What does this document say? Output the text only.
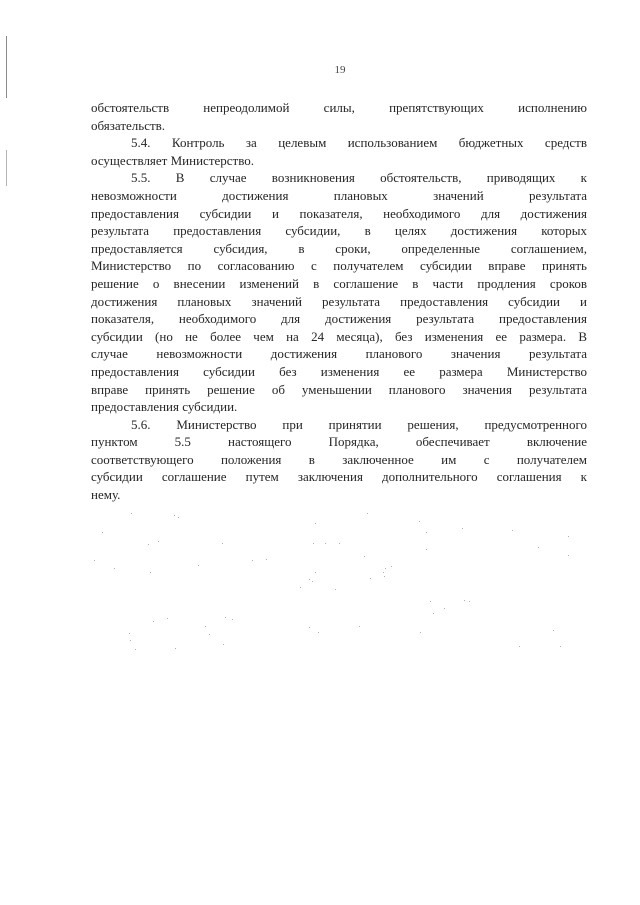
19
обстоятельств непреодолимой силы, препятствующих исполнению
обязательств.
5.4. Контроль за целевым использованием бюджетных средств
осуществляет Министерство.
5.5. В случае возникновения обстоятельств, приводящих к
невозможности достижения плановых значений результата
предоставления субсидии и показателя, необходимого для достижения
результата предоставления субсидии, в целях достижения которых
предоставляется субсидия, в сроки, определенные соглашением,
Министерство по согласованию с получателем субсидии вправе принять
решение о внесении изменений в соглашение в части продления сроков
достижения плановых значений результата предоставления субсидии и
показателя, необходимого для достижения результата предоставления
субсидии (но не более чем на 24 месяца), без изменения ее размера. В
случае невозможности достижения планового значения результата
предоставления субсидии без изменения ее размера Министерство
вправе принять решение об уменьшении планового значения результата
предоставления субсидии.
5.6. Министерство при принятии решения, предусмотренного
пунктом 5.5 настоящего Порядка, обеспечивает включение
соответствующего положения в заключенное им с получателем
субсидии соглашение путем заключения дополнительного соглашения к
нему.
